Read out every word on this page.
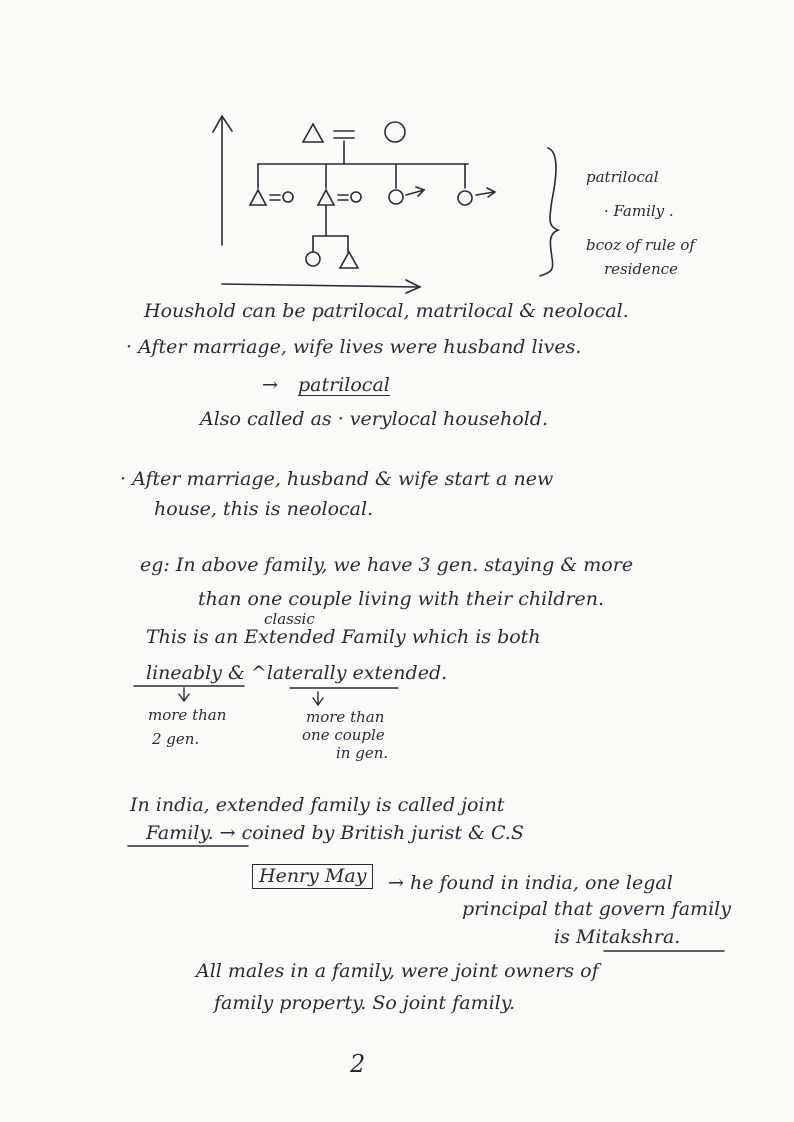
patrilocal
· Family .
bcoz of rule of
residence
Houshold can be patrilocal, matrilocal & neolocal.
· After marriage, wife lives were husband lives.
→ patrilocal
Also called as · verylocal household.
· After marriage, husband & wife start a new
house, this is neolocal.
eg: In above family, we have 3 gen. staying & more
than one couple living with their children.
classic
This is an Extended Family which is both
lineably & ^laterally extended.
more than
2 gen.
more than
one couple
in gen.
In india, extended family is called joint
Family. → coined by British jurist & C.S
Henry May	→ he found in india, one legal
principal that govern family
is Mitakshra.
All males in a family, were joint owners of
family property. So joint family.
2
